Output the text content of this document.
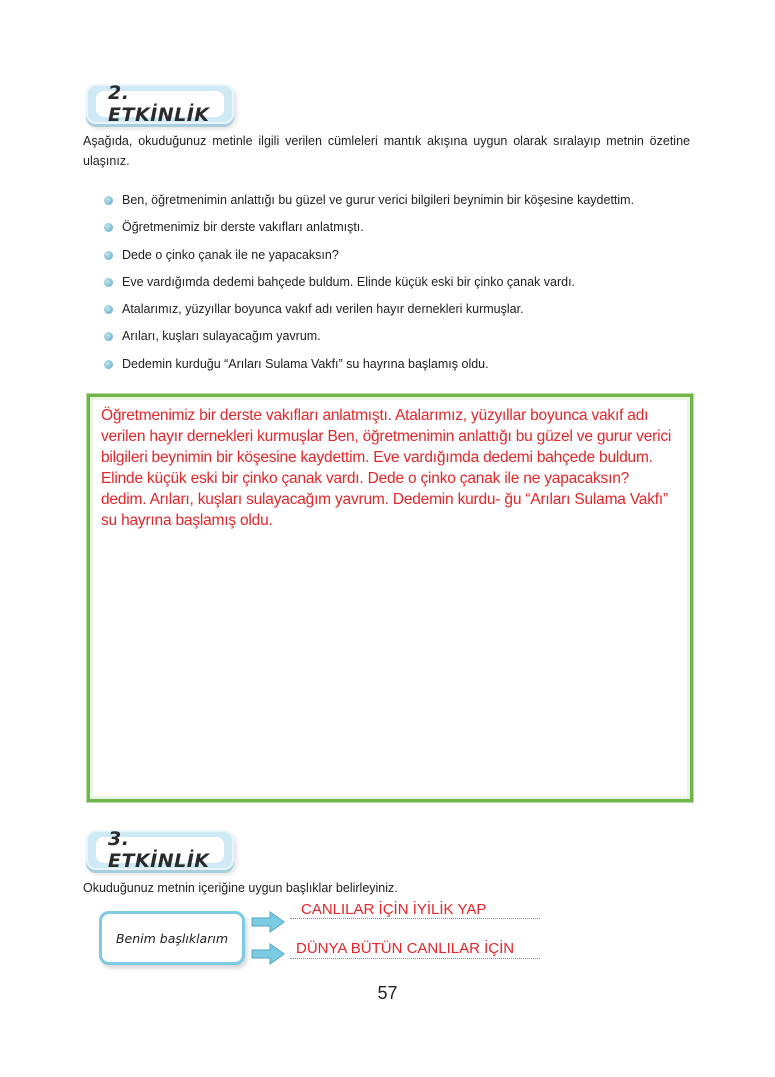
2. ETKİNLİK
Aşağıda, okuduğunuz metinle ilgili verilen cümleleri mantık akışına uygun olarak sıralayıp metnin özetine ulaşınız.
Ben, öğretmenimin anlattığı bu güzel ve gurur verici bilgileri beynimin bir köşesine kaydettim.
Öğretmenimiz bir derste vakıfları anlatmıştı.
Dede o çinko çanak ile ne yapacaksın?
Eve vardığımda dedemi bahçede buldum. Elinde küçük eski bir çinko çanak vardı.
Atalarımız, yüzyıllar boyunca vakıf adı verilen hayır dernekleri kurmuşlar.
Arıları, kuşları sulayacağım yavrum.
Dedemin kurduğu “Arıları Sulama Vakfı” su hayrına başlamış oldu.
Öğretmenimiz bir derste vakıfları anlatmıştı. Atalarımız, yüzyıllar boyunca vakıf adı verilen hayır dernekleri kurmuşlar Ben, öğretmenimin anlattığı bu güzel ve gurur verici bilgileri beynimin bir köşesine kaydettim. Eve vardığımda dedemi bahçede buldum. Elinde küçük eski bir çinko çanak vardı. Dede o çinko çanak ile ne yapacaksın? dedim. Arıları, kuşları sulayacağım yavrum. Dedemin kurdu- ğu “Arıları Sulama Vakfı” su hayrına başlamış oldu.
3. ETKİNLİK
Okuduğunuz metnin içeriğine uygun başlıklar belirleyiniz.
Benim başlıklarım
CANLILAR İÇİN İYİLİK YAP
DÜNYA BÜTÜN CANLILAR İÇİN
57
